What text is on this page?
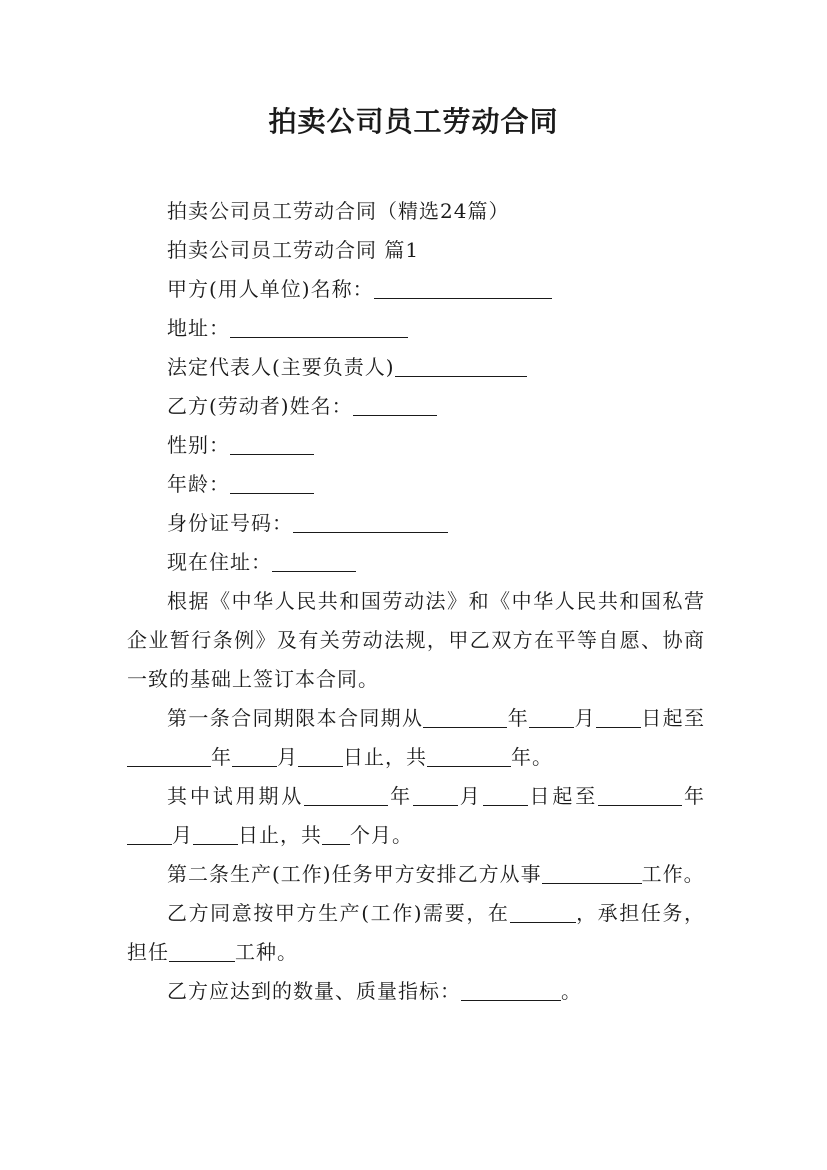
拍卖公司员工劳动合同

拍卖公司员工劳动合同（精选24篇）

拍卖公司员工劳动合同 篇1

甲方(用人单位)名称：

地址：

法定代表人(主要负责人)

乙方(劳动者)姓名：

性别：

年龄：

身份证号码：

现在住址：

根据《中华人民共和国劳动法》和《中华人民共和国私营企业暂行条例》及有关劳动法规，甲乙双方在平等自愿、协商一致的基础上签订本合同。

第一条合同期限本合同期从	年 月 日起至年 月 日止，共	年。

其中试用期从	年 月 日起至	年月 日止，共 个月。

第二条生产(工作)任务甲方安排乙方从事	工作。

乙方同意按甲方生产(工作)需要，在	，承担任务，担任	工种。

乙方应达到的数量、质量指标：	。
